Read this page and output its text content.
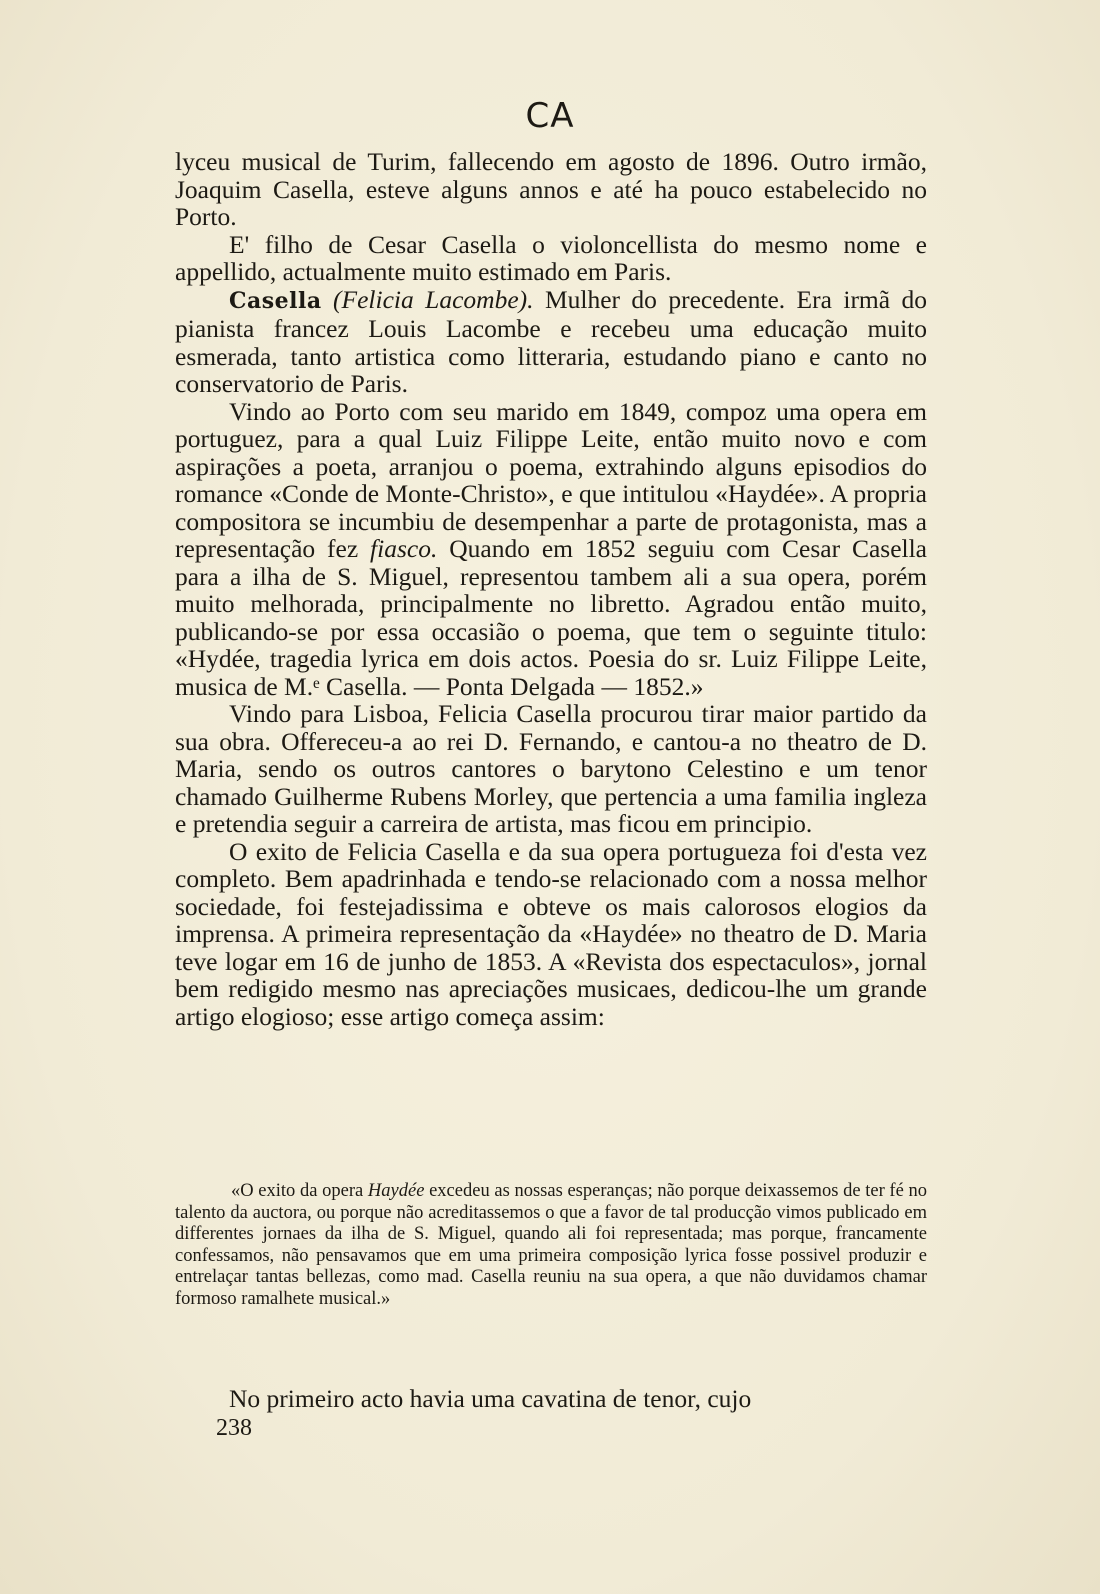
CA

lyceu musical de Turim, fallecendo em agosto de 1896. Outro irmão, Joaquim Casella, esteve alguns annos e até ha pouco estabelecido no Porto.

E' filho de Cesar Casella o violoncellista do mesmo nome e appellido, actualmente muito estimado em Paris.

Casella (Felicia Lacombe). Mulher do precedente. Era irmã do pianista francez Louis Lacombe e recebeu uma educação muito esmerada, tanto artistica como litteraria, estudando piano e canto no conservatorio de Paris.

Vindo ao Porto com seu marido em 1849, compoz uma opera em portuguez, para a qual Luiz Filippe Leite, então muito novo e com aspirações a poeta, arranjou o poema, extrahindo alguns episodios do romance «Conde de Monte-Christo», e que intitulou «Haydée». A propria compositora se incumbiu de desempenhar a parte de protagonista, mas a representação fez fiasco. Quando em 1852 seguiu com Cesar Casella para a ilha de S. Miguel, representou tambem ali a sua opera, porém muito melhorada, principalmente no libretto. Agradou então muito, publicando-se por essa occasião o poema, que tem o seguinte titulo: «Hydée, tragedia lyrica em dois actos. Poesia do sr. Luiz Filippe Leite, musica de M.ᵉ Casella. — Ponta Delgada — 1852.»

Vindo para Lisboa, Felicia Casella procurou tirar maior partido da sua obra. Offereceu-a ao rei D. Fernando, e cantou-a no theatro de D. Maria, sendo os outros cantores o barytono Celestino e um tenor chamado Guilherme Rubens Morley, que pertencia a uma familia ingleza e pretendia seguir a carreira de artista, mas ficou em principio.

O exito de Felicia Casella e da sua opera portugueza foi d'esta vez completo. Bem apadrinhada e tendo-se relacionado com a nossa melhor sociedade, foi festejadissima e obteve os mais calorosos elogios da imprensa. A primeira representação da «Haydée» no theatro de D. Maria teve logar em 16 de junho de 1853. A «Revista dos espectaculos», jornal bem redigido mesmo nas apreciações musicaes, dedicou-lhe um grande artigo elogioso; esse artigo começa assim:

«O exito da opera Haydée excedeu as nossas esperanças; não porque deixassemos de ter fé no talento da auctora, ou porque não acreditassemos o que a favor de tal producção vimos publicado em differentes jornaes da ilha de S. Miguel, quando ali foi representada; mas porque, francamente confessamos, não pensavamos que em uma primeira composição lyrica fosse possivel produzir e entrelaçar tantas bellezas, como mad. Casella reuniu na sua opera, a que não duvidamos chamar formoso ramalhete musical.»

No primeiro acto havia uma cavatina de tenor, cujo

238
